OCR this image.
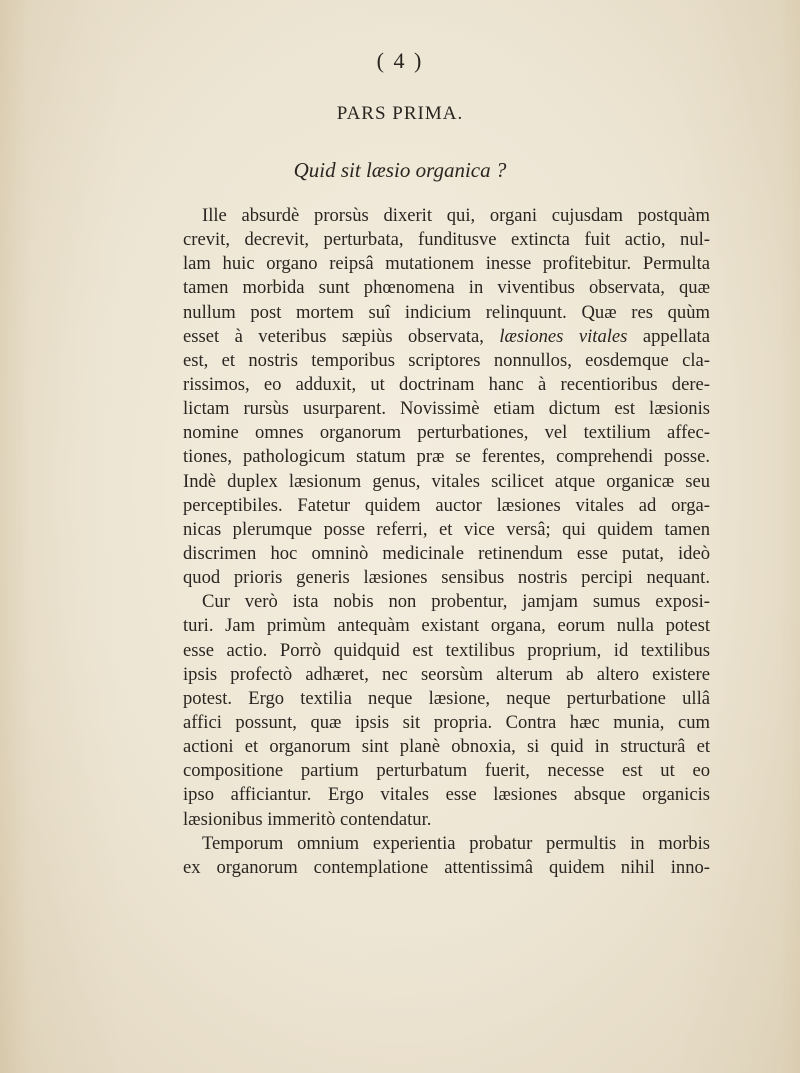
( 4 )
PARS PRIMA.
Quid sit læsio organica ?
Ille absurdè prorsùs dixerit qui, organi cujusdam postquàm
crevit, decrevit, perturbata, funditusve extincta fuit actio, nul-
lam huic organo reipsâ mutationem inesse profitebitur. Permulta
tamen morbida sunt phœnomena in viventibus observata, quæ
nullum post mortem suî indicium relinquunt. Quæ res quùm
esset à veteribus sæpiùs observata, læsiones vitales appellata
est, et nostris temporibus scriptores nonnullos, eosdemque cla-
rissimos, eo adduxit, ut doctrinam hanc à recentioribus dere-
lictam rursùs usurparent. Novissimè etiam dictum est læsionis
nomine omnes organorum perturbationes, vel textilium affec-
tiones, pathologicum statum præ se ferentes, comprehendi posse.
Indè duplex læsionum genus, vitales scilicet atque organicæ seu
perceptibiles. Fatetur quidem auctor læsiones vitales ad orga-
nicas plerumque posse referri, et vice versâ; qui quidem tamen
discrimen hoc omninò medicinale retinendum esse putat, ideò
quod prioris generis læsiones sensibus nostris percipi nequant.
Cur verò ista nobis non probentur, jamjam sumus exposi-
turi. Jam primùm antequàm existant organa, eorum nulla potest
esse actio. Porrò quidquid est textilibus proprium, id textilibus
ipsis profectò adhæret, nec seorsùm alterum ab altero existere
potest. Ergo textilia neque læsione, neque perturbatione ullâ
affici possunt, quæ ipsis sit propria. Contra hæc munia, cum
actioni et organorum sint planè obnoxia, si quid in structurâ et
compositione partium perturbatum fuerit, necesse est ut eo
ipso afficiantur. Ergo vitales esse læsiones absque organicis
læsionibus immeritò contendatur.
Temporum omnium experientia probatur permultis in morbis
ex organorum contemplatione attentissimâ quidem nihil inno-
